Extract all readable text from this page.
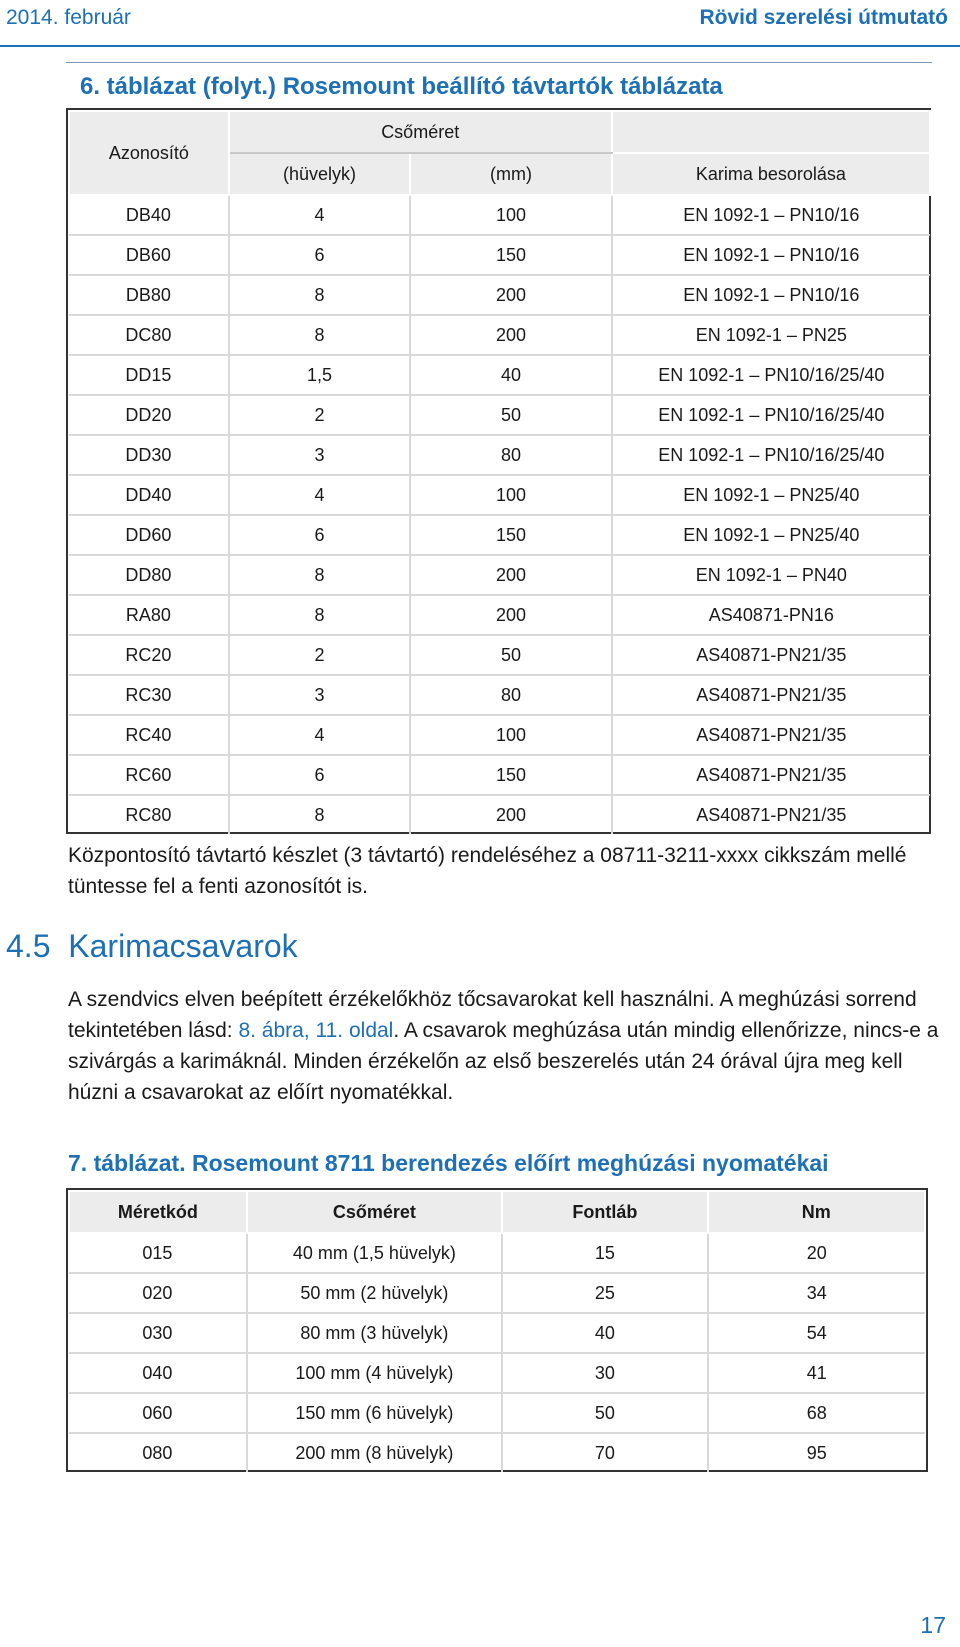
2014. február	Rövid szerelési útmutató
6. táblázat (folyt.) Rosemount beállító távtartók táblázata
Azonosító	Csőméret		
	(hüvelyk)	(mm)	Karima besorolása
DB40	4	100	EN 1092-1 – PN10/16
DB60	6	150	EN 1092-1 – PN10/16
DB80	8	200	EN 1092-1 – PN10/16
DC80	8	200	EN 1092-1 – PN25
DD15	1,5	40	EN 1092-1 – PN10/16/25/40
DD20	2	50	EN 1092-1 – PN10/16/25/40
DD30	3	80	EN 1092-1 – PN10/16/25/40
DD40	4	100	EN 1092-1 – PN25/40
DD60	6	150	EN 1092-1 – PN25/40
DD80	8	200	EN 1092-1 – PN40
RA80	8	200	AS40871-PN16
RC20	2	50	AS40871-PN21/35
RC30	3	80	AS40871-PN21/35
RC40	4	100	AS40871-PN21/35
RC60	6	150	AS40871-PN21/35
RC80	8	200	AS40871-PN21/35
Központosító távtartó készlet (3 távtartó) rendeléséhez a 08711-3211-xxxx cikkszám mellé tüntesse fel a fenti azonosítót is.
4.5 Karimacsavarok
A szendvics elven beépített érzékelőkhöz tőcsavarokat kell használni. A meghúzási sorrend tekintetében lásd: 8. ábra, 11. oldal. A csavarok meghúzása után mindig ellenőrizze, nincs-e a szivárgás a karimáknál. Minden érzékelőn az első beszerelés után 24 órával újra meg kell húzni a csavarokat az előírt nyomatékkal.
7. táblázat. Rosemount 8711 berendezés előírt meghúzási nyomatékai
Méretkód	Csőméret	Fontláb	Nm
015	40 mm (1,5 hüvelyk)	15	20
020	50 mm (2 hüvelyk)	25	34
030	80 mm (3 hüvelyk)	40	54
040	100 mm (4 hüvelyk)	30	41
060	150 mm (6 hüvelyk)	50	68
080	200 mm (8 hüvelyk)	70	95
17
